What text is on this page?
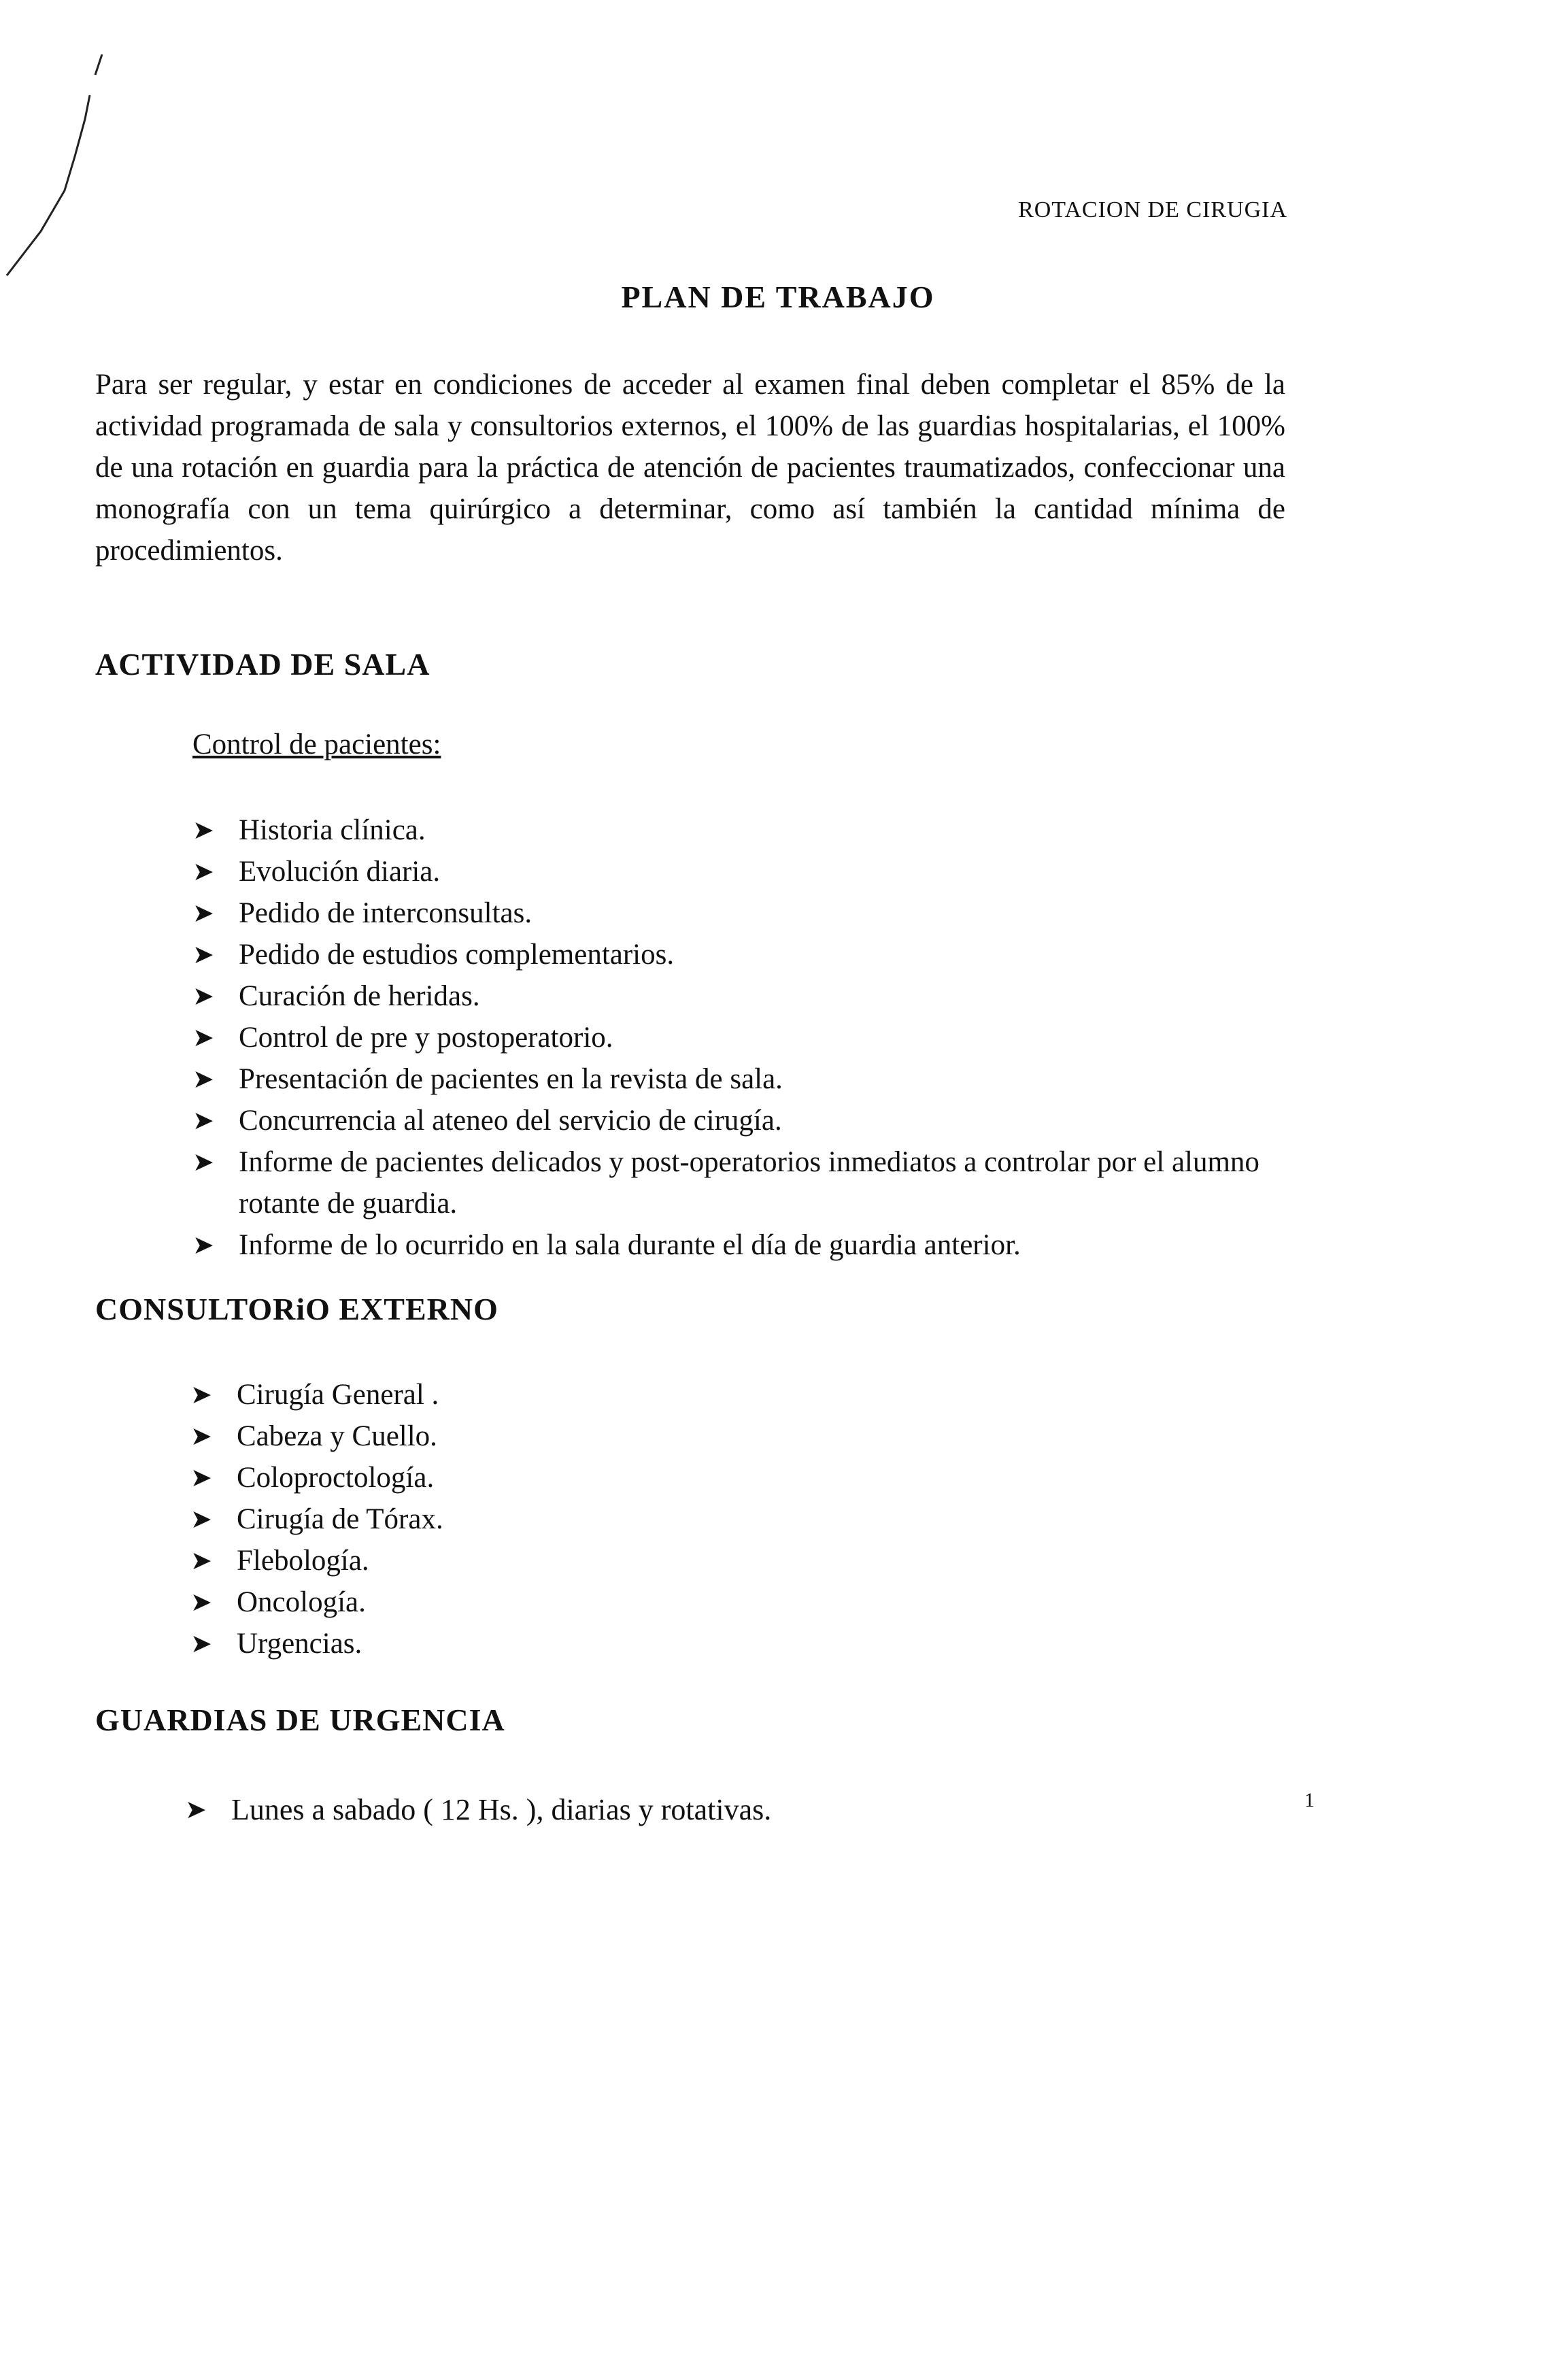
ROTACION DE CIRUGIA
PLAN DE TRABAJO

Para ser regular, y estar en condiciones de acceder al examen final deben completar el 85% de la actividad programada de sala y consultorios externos, el 100% de las guardias hospitalarias, el 100% de una rotación en guardia para la práctica de atención de pacientes traumatizados, confeccionar una monografía con un tema quirúrgico a determinar, como así también la cantidad mínima de procedimientos.

ACTIVIDAD DE SALA
Control de pacientes:
➤ Historia clínica.
➤ Evolución diaria.
➤ Pedido de interconsultas.
➤ Pedido de estudios complementarios.
➤ Curación de heridas.
➤ Control de pre y postoperatorio.
➤ Presentación de pacientes en la revista de sala.
➤ Concurrencia al ateneo del servicio de cirugía.
➤ Informe de pacientes delicados y post-operatorios inmediatos a controlar por el alumno rotante de guardia.
➤ Informe de lo ocurrido en la sala durante el día de guardia anterior.
CONSULTORiO EXTERNO
➤ Cirugía General .
➤ Cabeza y Cuello.
➤ Coloproctología.
➤ Cirugía de Tórax.
➤ Flebología.
➤ Oncología.
➤ Urgencias.
GUARDIAS DE URGENCIA
➤ Lunes a sabado ( 12 Hs. ), diarias y rotativas.	1
